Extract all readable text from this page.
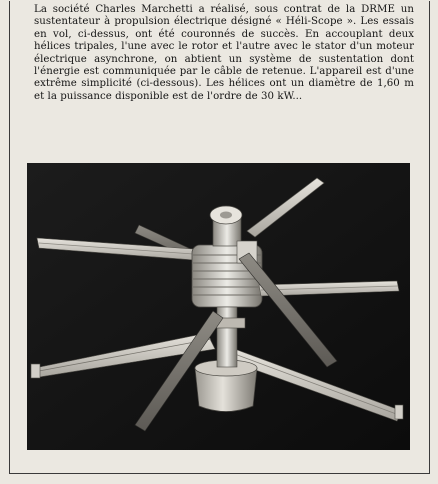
La société Charles Marchetti a réalisé, sous contrat de la DRME un sustentateur à propulsion électrique désigné « Héli-Scope ». Les essais en vol, ci-dessus, ont été couronnés de succès. En accouplant deux hélices tripales, l'une avec le rotor et l'autre avec le stator d'un moteur électrique asynchrone, on abtient un système de sustentation dont l'énergie est communiquée par le câble de retenue. L'appareil est d'une extrême simplicité (ci-dessous). Les hélices ont un diamètre de 1,60 m et la puissance disponible est de l'ordre de 30 kW...
